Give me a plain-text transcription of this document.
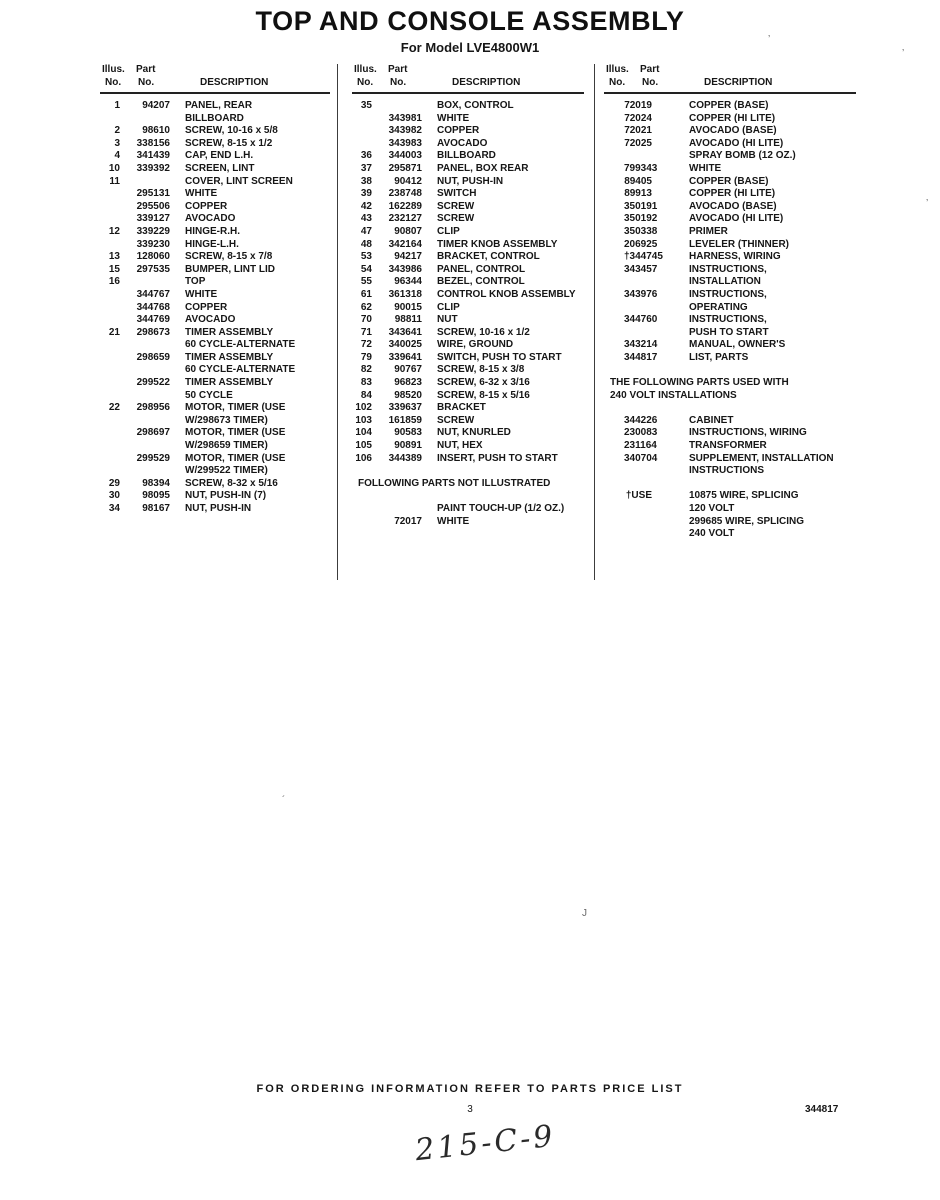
TOP AND CONSOLE ASSEMBLY
For Model LVE4800W1
Illus. Part
No. No.	DESCRIPTION
1	94207 PANEL, REAR
BILLBOARD
2	98610 SCREW, 10-16 x 5/8
3	338156 SCREW, 8-15 x 1/2
4	341439 CAP, END L.H.
10	339392 SCREEN, LINT
11	COVER, LINT SCREEN
295131 WHITE
295506 COPPER
339127 AVOCADO
12	339229 HINGE-R.H.
339230 HINGE-L.H.
13	128060 SCREW, 8-15 x 7/8
15	297535 BUMPER, LINT LID
16	TOP
344767 WHITE
344768 COPPER
344769 AVOCADO
21	298673 TIMER ASSEMBLY
60 CYCLE-ALTERNATE
298659 TIMER ASSEMBLY
60 CYCLE-ALTERNATE
299522 TIMER ASSEMBLY
50 CYCLE
22	298956 MOTOR, TIMER (USE
W/298673 TIMER)
298697 MOTOR, TIMER (USE
W/298659 TIMER)
299529 MOTOR, TIMER (USE
W/299522 TIMER)
29	98394 SCREW, 8-32 x 5/16
30	98095 NUT, PUSH-IN (7)
34	98167 NUT, PUSH-IN
Illus. Part
No. No.	DESCRIPTION
35	BOX, CONTROL
343981 WHITE
343982 COPPER
343983 AVOCADO
36	344003 BILLBOARD
37	295871 PANEL, BOX REAR
38	90412 NUT, PUSH-IN
39	238748 SWITCH
42	162289 SCREW
43	232127 SCREW
47	90807 CLIP
48	342164 TIMER KNOB ASSEMBLY
53	94217 BRACKET, CONTROL
54	343986 PANEL, CONTROL
55	96344 BEZEL, CONTROL
61	361318 CONTROL KNOB ASSEMBLY
62	90015 CLIP
70	98811 NUT
71	343641 SCREW, 10-16 x 1/2
72	340025 WIRE, GROUND
79	339641 SWITCH, PUSH TO START
82	90767 SCREW, 8-15 x 3/8
83	96823 SCREW, 6-32 x 3/16
84	98520 SCREW, 8-15 x 5/16
102	339637 BRACKET
103	161859 SCREW
104	90583 NUT, KNURLED
105	90891 NUT, HEX
106	344389 INSERT, PUSH TO START
FOLLOWING PARTS NOT ILLUSTRATED
PAINT TOUCH-UP (1/2 OZ.)
72017 WHITE
Illus. Part
No. No.	DESCRIPTION
72019	COPPER (BASE)
72024	COPPER (HI LITE)
72021	AVOCADO (BASE)
72025	AVOCADO (HI LITE)
SPRAY BOMB (12 OZ.)
799343	WHITE
89405	COPPER (BASE)
89913	COPPER (HI LITE)
350191	AVOCADO (BASE)
350192	AVOCADO (HI LITE)
350338	PRIMER
206925	LEVELER (THINNER)
†344745	HARNESS, WIRING
343457	INSTRUCTIONS,
INSTALLATION
343976	INSTRUCTIONS,
OPERATING
344760	INSTRUCTIONS,
PUSH TO START
343214	MANUAL, OWNER'S
344817	LIST, PARTS
THE FOLLOWING PARTS USED WITH
240 VOLT INSTALLATIONS
344226	CABINET
230083	INSTRUCTIONS, WIRING
231164	TRANSFORMER
340704	SUPPLEMENT, INSTALLATION
INSTRUCTIONS
†USE	10875 WIRE, SPLICING
120 VOLT
299685 WIRE, SPLICING
240 VOLT
FOR ORDERING INFORMATION REFER TO PARTS PRICE LIST
3	344817
215-C-9
’
’
’
´
J
